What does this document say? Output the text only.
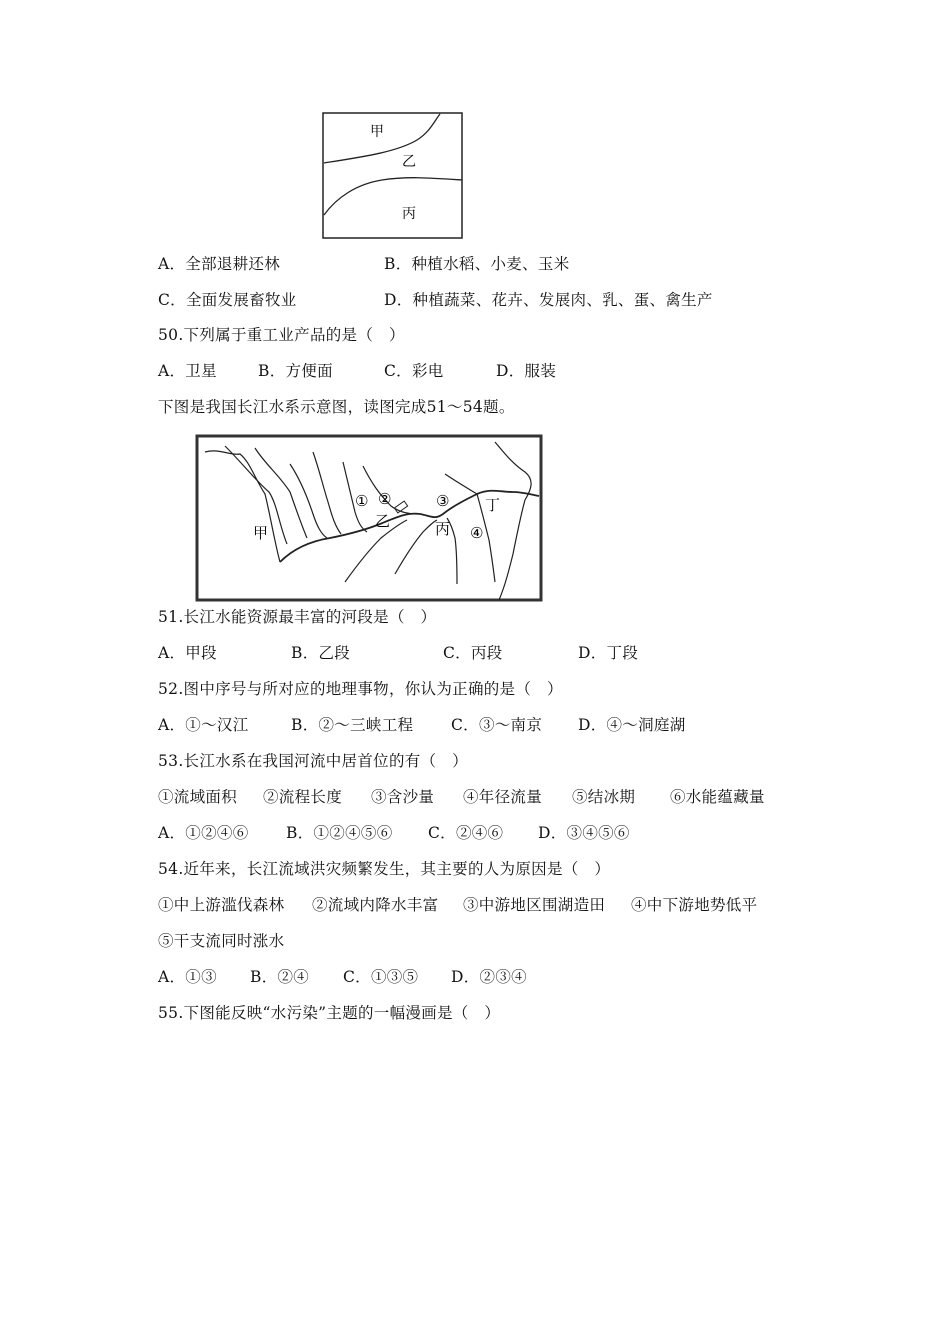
甲
乙
丙
A．全部退耕还林	B．种植水稻、小麦、玉米
C．全面发展畜牧业	D．种植蔬菜、花卉、发展肉、乳、蛋、禽生产
50.下列属于重工业产品的是（　）
A．卫星	B．方便面	C．彩电	D．服装
下图是我国长江水系示意图，读图完成51～54题。
甲
乙	丙
丁
① ②	③
④
51.长江水能资源最丰富的河段是（　）
A．甲段	B．乙段	C．丙段	D．丁段
52.图中序号与所对应的地理事物，你认为正确的是（　）
A．①～汉江	B．②～三峡工程 C．③～南京 D．④～洞庭湖
53.长江水系在我国河流中居首位的有（　）
①流域面积 ②流程长度 ③含沙量 ④年径流量 ⑤结冰期 ⑥水能蕴藏量
A．①②④⑥ B．①②④⑤⑥ C．②④⑥ D．③④⑤⑥
54.近年来，长江流域洪灾频繁发生，其主要的人为原因是（　）
①中上游滥伐森林 ②流域内降水丰富 ③中游地区围湖造田 ④中下游地势低平
⑤干支流同时涨水
A．①③ B．②④ C．①③⑤ D．②③④
55.下图能反映“水污染”主题的一幅漫画是（　）
